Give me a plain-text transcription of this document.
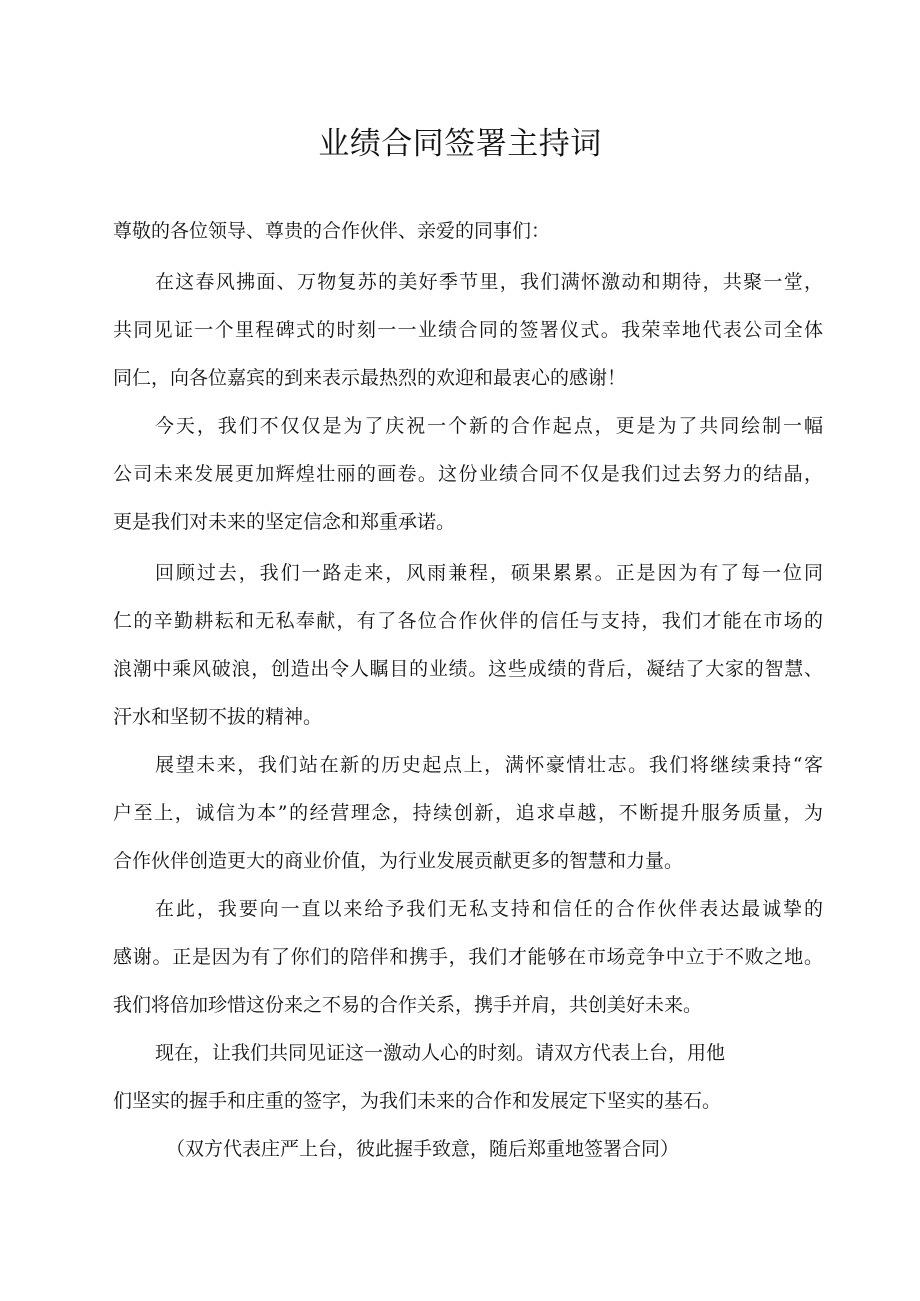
业绩合同签署主持词

尊敬的各位领导、尊贵的合作伙伴、亲爱的同事们：

在这春风拂面、万物复苏的美好季节里，我们满怀激动和期待，共聚一堂，

共同见证一个里程碑式的时刻一一业绩合同的签署仪式。我荣幸地代表公司全体

同仁，向各位嘉宾的到来表示最热烈的欢迎和最衷心的感谢！

今天，我们不仅仅是为了庆祝一个新的合作起点，更是为了共同绘制一幅

公司未来发展更加辉煌壮丽的画卷。这份业绩合同不仅是我们过去努力的结晶，

更是我们对未来的坚定信念和郑重承诺。

回顾过去，我们一路走来，风雨兼程，硕果累累。正是因为有了每一位同

仁的辛勤耕耘和无私奉献，有了各位合作伙伴的信任与支持，我们才能在市场的

浪潮中乘风破浪，创造出令人瞩目的业绩。这些成绩的背后，凝结了大家的智慧、

汗水和坚韧不拔的精神。

展望未来，我们站在新的历史起点上，满怀豪情壮志。我们将继续秉持“客

户至上，诚信为本”的经营理念，持续创新，追求卓越，不断提升服务质量，为

合作伙伴创造更大的商业价值，为行业发展贡献更多的智慧和力量。

在此，我要向一直以来给予我们无私支持和信任的合作伙伴表达最诚挚的

感谢。正是因为有了你们的陪伴和携手，我们才能够在市场竞争中立于不败之地。

我们将倍加珍惜这份来之不易的合作关系，携手并肩，共创美好未来。

现在，让我们共同见证这一激动人心的时刻。请双方代表上台，用他

们坚实的握手和庄重的签字，为我们未来的合作和发展定下坚实的基石。

（双方代表庄严上台，彼此握手致意，随后郑重地签署合同）
